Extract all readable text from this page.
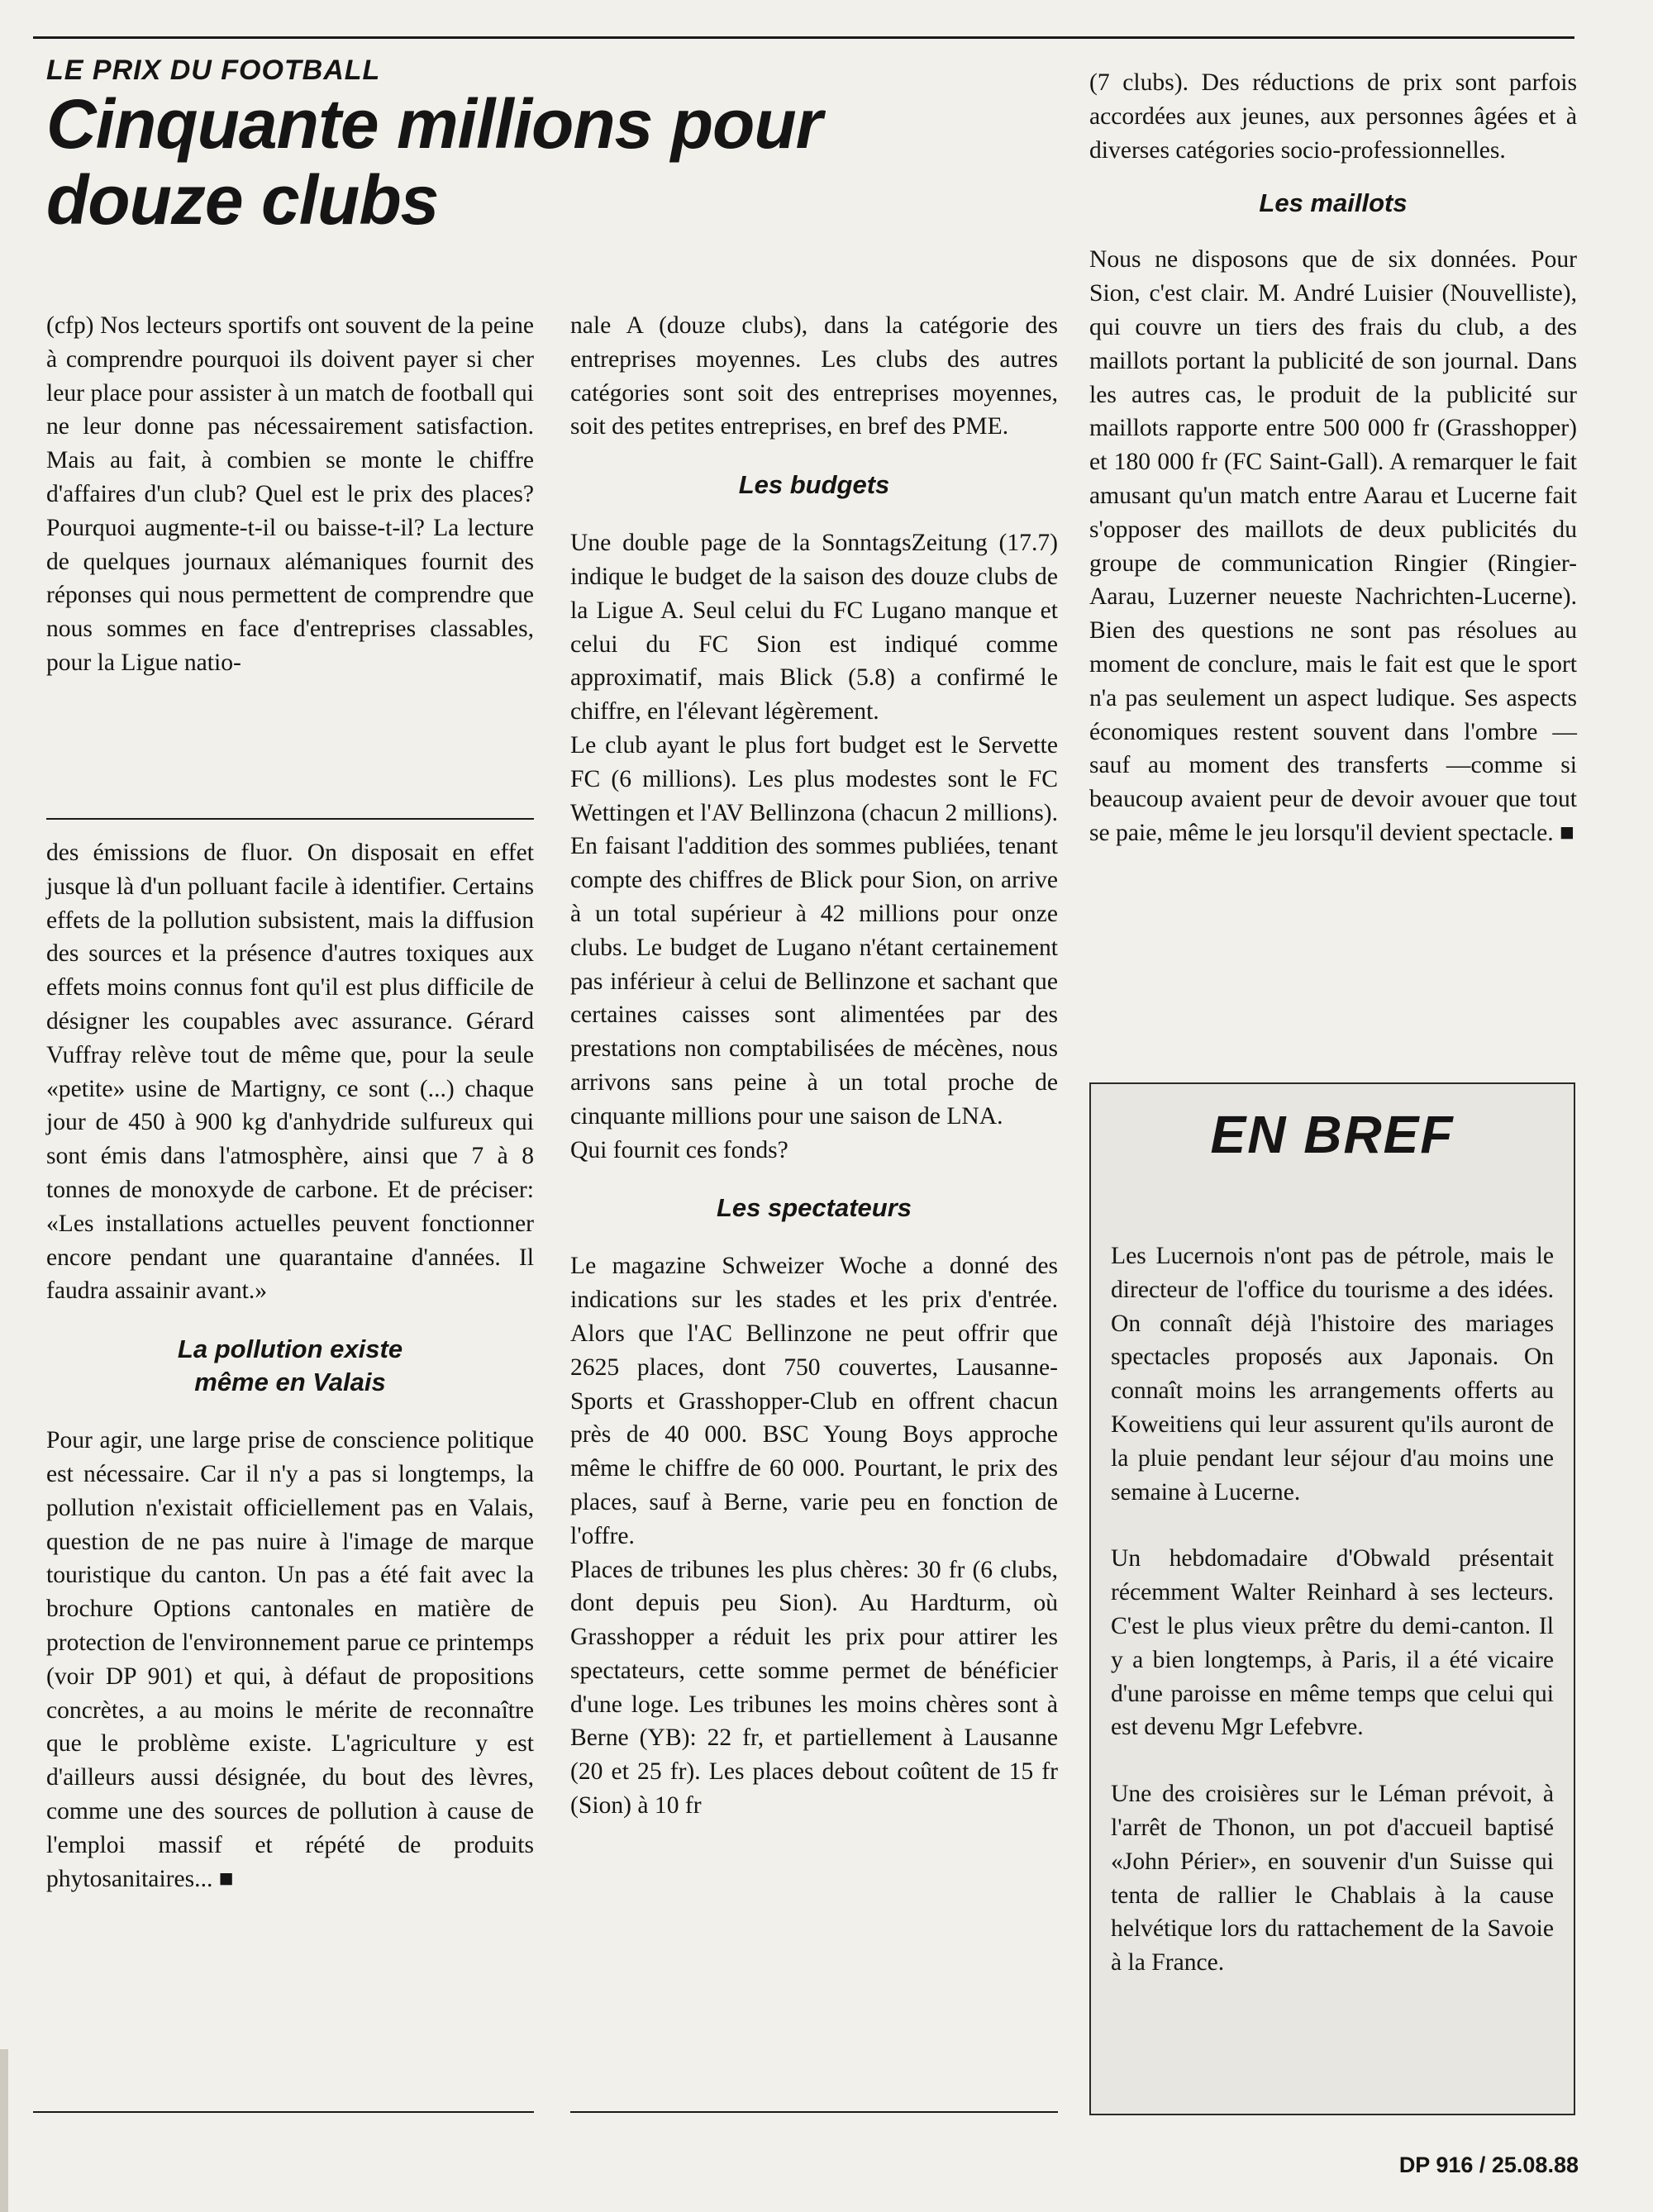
LE PRIX DU FOOTBALL
Cinquante millions pour douze clubs

(cfp) Nos lecteurs sportifs ont souvent de la peine à comprendre pourquoi ils doivent payer si cher leur place pour assister à un match de football qui ne leur donne pas nécessairement satisfaction. Mais au fait, à combien se monte le chiffre d'affaires d'un club? Quel est le prix des places? Pourquoi augmente-t-il ou baisse-t-il? La lecture de quelques journaux alémaniques fournit des réponses qui nous permettent de comprendre que nous sommes en face d'entreprises classables, pour la Ligue natio-

nale A (douze clubs), dans la catégorie des entreprises moyennes. Les clubs des autres catégories sont soit des entreprises moyennes, soit des petites entreprises, en bref des PME.

Les budgets

Une double page de la SonntagsZeitung (17.7) indique le budget de la saison des douze clubs de la Ligue A. Seul celui du FC Lugano manque et celui du FC Sion est indiqué comme approximatif, mais Blick (5.8) a confirmé le chiffre, en l'élevant légèrement.

Le club ayant le plus fort budget est le Servette FC (6 millions). Les plus modestes sont le FC Wettingen et l'AV Bellinzona (chacun 2 millions). En faisant l'addition des sommes publiées, tenant compte des chiffres de Blick pour Sion, on arrive à un total supérieur à 42 millions pour onze clubs. Le budget de Lugano n'étant certainement pas inférieur à celui de Bellinzone et sachant que certaines caisses sont alimentées par des prestations non comptabilisées de mécènes, nous arrivons sans peine à un total proche de cinquante millions pour une saison de LNA.

Qui fournit ces fonds?

Les spectateurs

Le magazine Schweizer Woche a donné des indications sur les stades et les prix d'entrée. Alors que l'AC Bellinzone ne peut offrir que 2625 places, dont 750 couvertes, Lausanne-Sports et Grasshopper-Club en offrent chacun près de 40 000. BSC Young Boys approche même le chiffre de 60 000. Pourtant, le prix des places, sauf à Berne, varie peu en fonction de l'offre.

Places de tribunes les plus chères: 30 fr (6 clubs, dont depuis peu Sion). Au Hardturm, où Grasshopper a réduit les prix pour attirer les spectateurs, cette somme permet de bénéficier d'une loge. Les tribunes les moins chères sont à Berne (YB): 22 fr, et partiellement à Lausanne (20 et 25 fr). Les places debout coûtent de 15 fr (Sion) à 10 fr

(7 clubs). Des réductions de prix sont parfois accordées aux jeunes, aux personnes âgées et à diverses catégories socio-professionnelles.

Les maillots

Nous ne disposons que de six données. Pour Sion, c'est clair. M. André Luisier (Nouvelliste), qui couvre un tiers des frais du club, a des maillots portant la publicité de son journal. Dans les autres cas, le produit de la publicité sur maillots rapporte entre 500 000 fr (Grasshopper) et 180 000 fr (FC Saint-Gall). A remarquer le fait amusant qu'un match entre Aarau et Lucerne fait s'opposer des maillots de deux publicités du groupe de communication Ringier (Ringier-Aarau, Luzerner neueste Nachrichten-Lucerne). Bien des questions ne sont pas résolues au moment de conclure, mais le fait est que le sport n'a pas seulement un aspect ludique. Ses aspects économiques restent souvent dans l'ombre — sauf au moment des transferts —comme si beaucoup avaient peur de devoir avouer que tout se paie, même le jeu lorsqu'il devient spectacle. ■

des émissions de fluor. On disposait en effet jusque là d'un polluant facile à identifier. Certains effets de la pollution subsistent, mais la diffusion des sources et la présence d'autres toxiques aux effets moins connus font qu'il est plus difficile de désigner les coupables avec assurance. Gérard Vuffray relève tout de même que, pour la seule «petite» usine de Martigny, ce sont (...) chaque jour de 450 à 900 kg d'anhydride sulfureux qui sont émis dans l'atmosphère, ainsi que 7 à 8 tonnes de monoxyde de carbone. Et de préciser: «Les installations actuelles peuvent fonctionner encore pendant une quarantaine d'années. Il faudra assainir avant.»

La pollution existe
même en Valais

Pour agir, une large prise de conscience politique est nécessaire. Car il n'y a pas si longtemps, la pollution n'existait officiellement pas en Valais, question de ne pas nuire à l'image de marque touristique du canton. Un pas a été fait avec la brochure Options cantonales en matière de protection de l'environnement parue ce printemps (voir DP 901) et qui, à défaut de propositions concrètes, a au moins le mérite de reconnaître que le problème existe. L'agriculture y est d'ailleurs aussi désignée, du bout des lèvres, comme une des sources de pollution à cause de l'emploi massif et répété de produits phytosanitaires... ■

EN BREF

Les Lucernois n'ont pas de pétrole, mais le directeur de l'office du tourisme a des idées. On connaît déjà l'histoire des mariages spectacles proposés aux Japonais. On connaît moins les arrangements offerts au Koweitiens qui leur assurent qu'ils auront de la pluie pendant leur séjour d'au moins une semaine à Lucerne.

Un hebdomadaire d'Obwald présentait récemment Walter Reinhard à ses lecteurs. C'est le plus vieux prêtre du demi-canton. Il y a bien longtemps, à Paris, il a été vicaire d'une paroisse en même temps que celui qui est devenu Mgr Lefebvre.

Une des croisières sur le Léman prévoit, à l'arrêt de Thonon, un pot d'accueil baptisé «John Périer», en souvenir d'un Suisse qui tenta de rallier le Chablais à la cause helvétique lors du rattachement de la Savoie à la France.

DP 916 / 25.08.88
